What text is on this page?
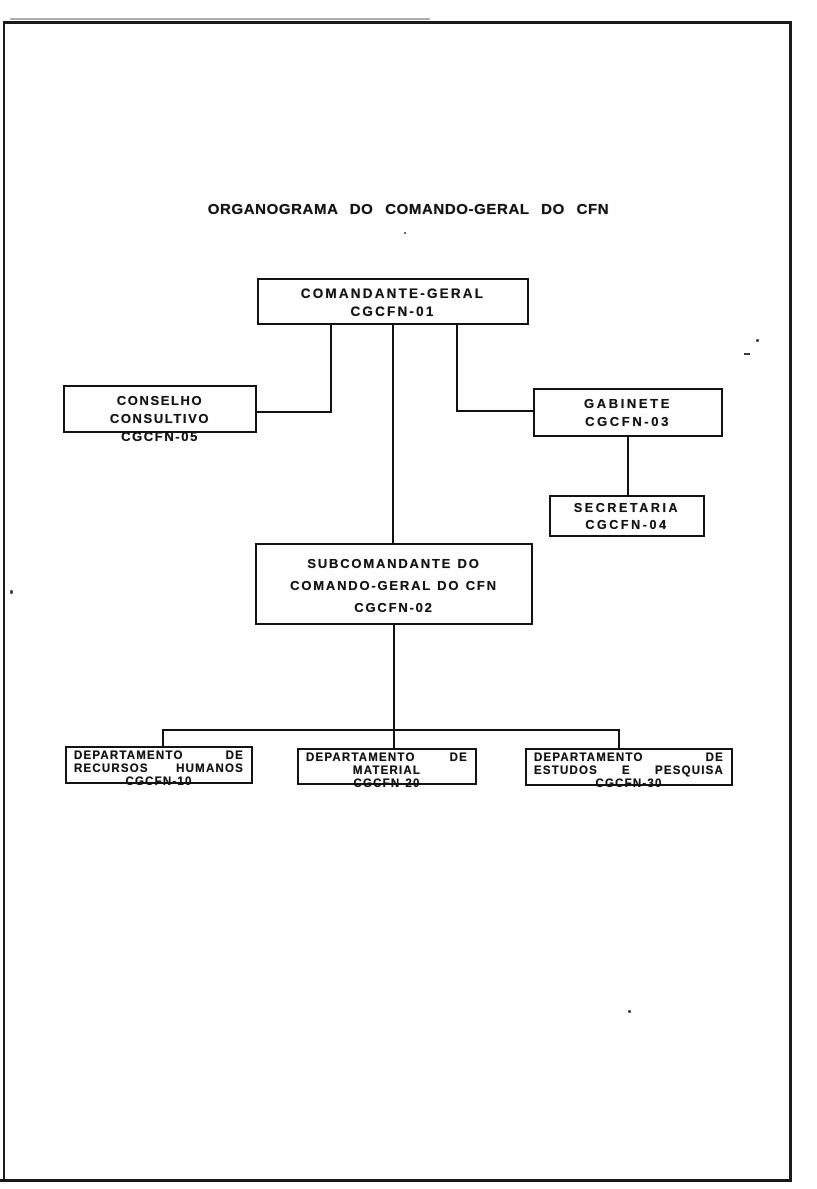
ORGANOGRAMA DO COMANDO-GERAL DO CFN
COMANDANTE-GERAL
CGCFN-01
CONSELHO CONSULTIVO
CGCFN-05
GABINETE
CGCFN-03
SECRETARIA
CGCFN-04
SUBCOMANDANTE DO
COMANDO-GERAL DO CFN
CGCFN-02
DEPARTAMENTO DE
RECURSOS HUMANOS
CGCFN-10
DEPARTAMENTO DE
MATERIAL
CGCFN-20
DEPARTAMENTO DE
ESTUDOS E PESQUISA
CGCFN-30
